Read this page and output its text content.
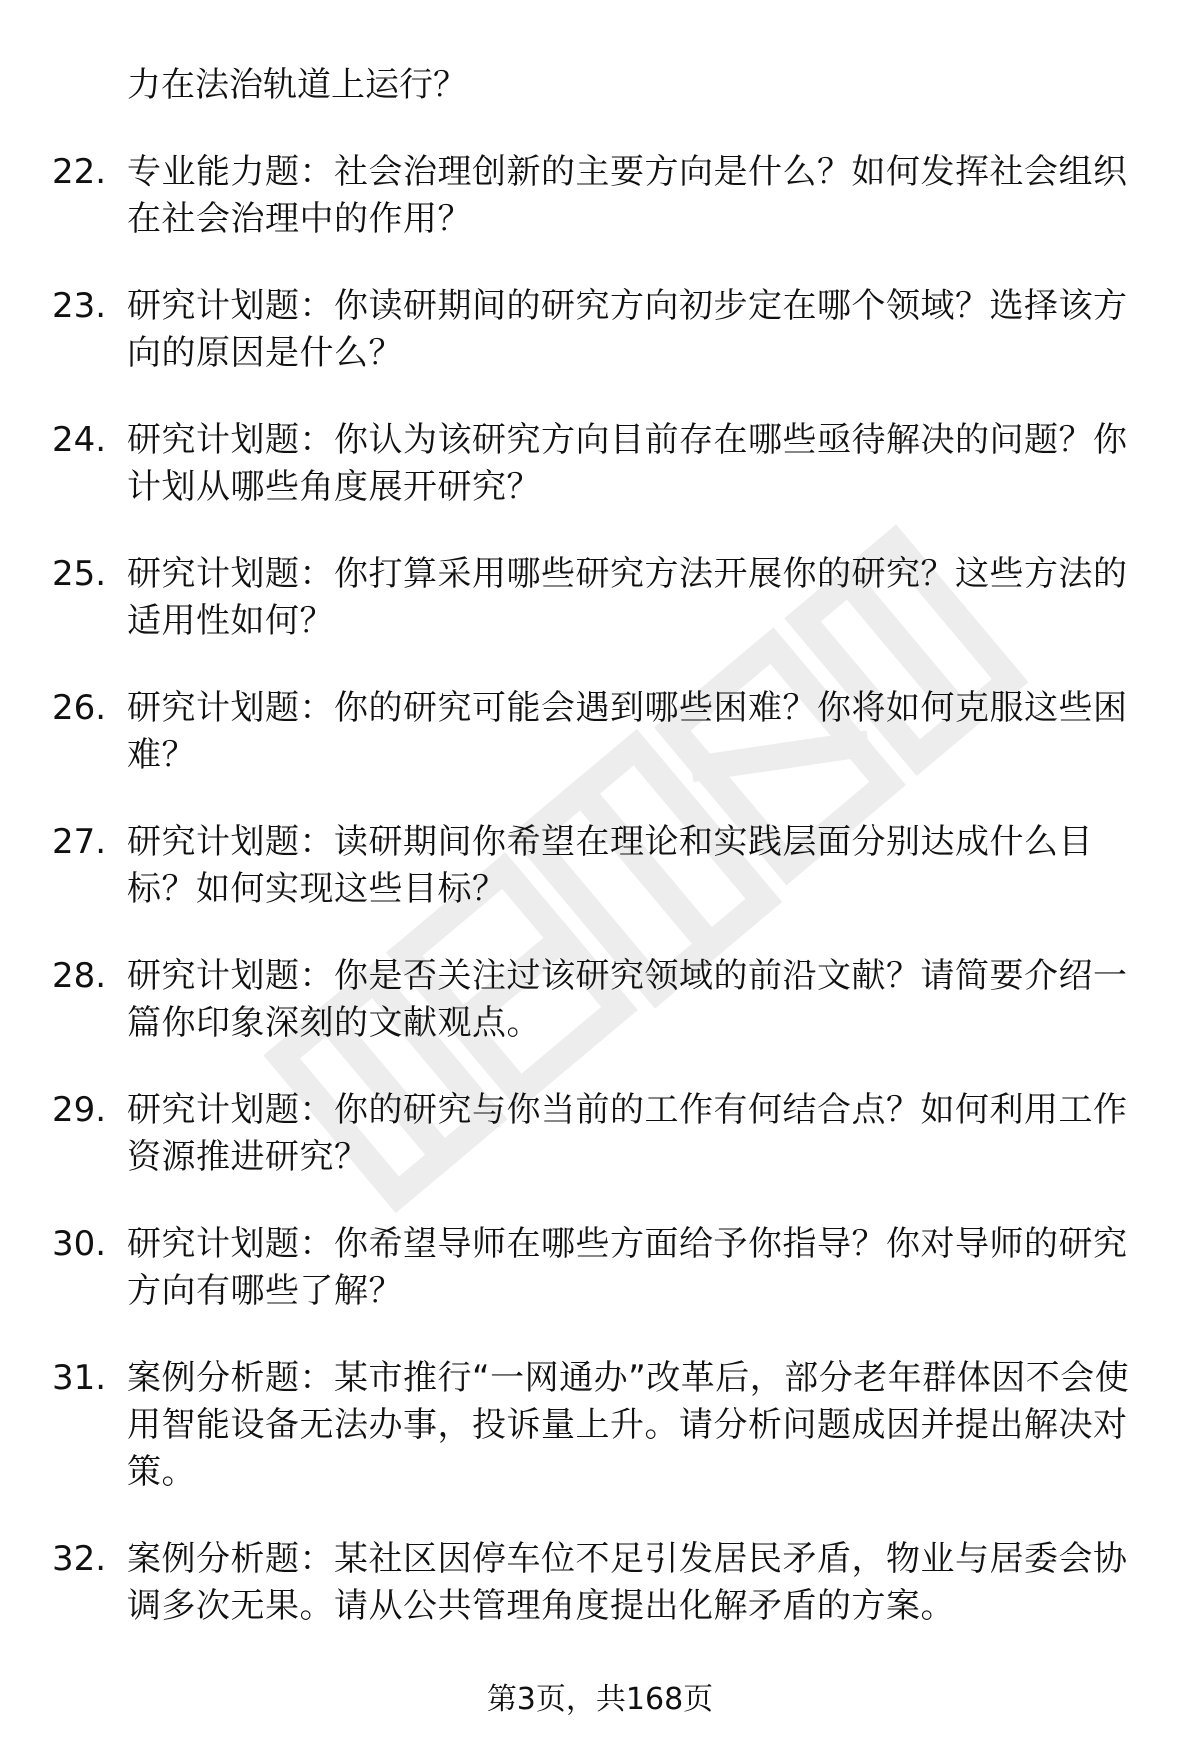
力在法治轨道上运行？
22. 专业能力题：社会治理创新的主要方向是什么？如何发挥社会组织在社会治理中的作用？
23. 研究计划题：你读研期间的研究方向初步定在哪个领域？选择该方向的原因是什么？
24. 研究计划题：你认为该研究方向目前存在哪些亟待解决的问题？你计划从哪些角度展开研究？
25. 研究计划题：你打算采用哪些研究方法开展你的研究？这些方法的适用性如何？
26. 研究计划题：你的研究可能会遇到哪些困难？你将如何克服这些困难？
27. 研究计划题：读研期间你希望在理论和实践层面分别达成什么目标？如何实现这些目标？
28. 研究计划题：你是否关注过该研究领域的前沿文献？请简要介绍一篇你印象深刻的文献观点。
29. 研究计划题：你的研究与你当前的工作有何结合点？如何利用工作资源推进研究？
30. 研究计划题：你希望导师在哪些方面给予你指导？你对导师的研究方向有哪些了解？
31. 案例分析题：某市推行“一网通办”改革后，部分老年群体因不会使用智能设备无法办事，投诉量上升。请分析问题成因并提出解决对策。
32. 案例分析题：某社区因停车位不足引发居民矛盾，物业与居委会协调多次无果。请从公共管理角度提出化解矛盾的方案。
第3页，共168页
